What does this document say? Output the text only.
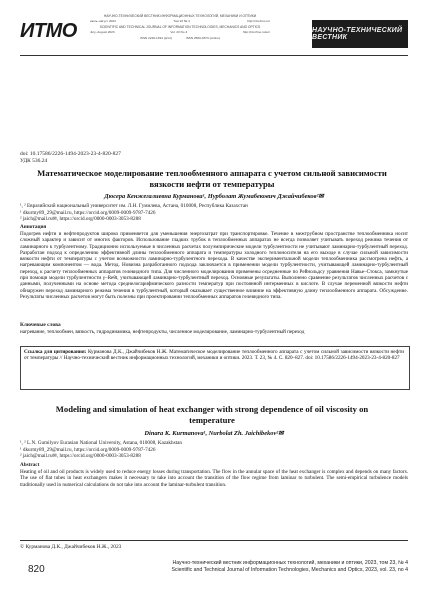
ИTMO
НАУЧНО-ТЕХНИЧЕСКИЙ ВЕСТНИК ИНФОРМАЦИОННЫХ ТЕХНОЛОГИЙ, МЕХАНИКИ И ОПТИКИ
июль–август 2023	Том 23 № 4	http://ntv.ifmo.ru/
SCIENTIFIC AND TECHNICAL JOURNAL OF INFORMATION TECHNOLOGIES, MECHANICS AND OPTICS
July–August 2023	Vol. 23 No 4	http://ntv.ifmo.ru/en/
ISSN 2226-1494 (print)	ISSN 2500-0373 (online)
НАУЧНО-ТЕХНИЧЕСКИЙ ВЕСТНИК
doi: 10.17586/2226-1494-2023-23-4-820-827
УДК 536.24
Математическое моделирование теплообменного аппарата с учетом сильной зависимости вязкости нефти от температуры
Дюсера Кенжегалиевна Курманова¹, Нурболат Жумабекович Джайчибеков²✉
¹, ² Евразийский национальный университет им. Л.Н. Гумилева, Астана, 010008, Республика Казахстан
¹ dkurmy89_29@mail.ru, https://orcid.org/0009-0009-9787-7426
² jaich@mail.ru✉, https://orcid.org/0000-0003-3053-8288
Аннотация
Подогрев нефти и нефтепродуктов широко применяется для уменьшения энергозатрат при транспортировке. Течение в межтрубном пространстве теплообменника носит сложный характер и зависит от многих факторов. Использование гладких трубок в теплообменных аппаратах не всегда позволяет учитывать переход режима течения от ламинарного к турбулентному. Традиционно используемые в численных расчетах полуэмпирические модели турбулентности не учитывают ламинарно-турбулентный переход. Разработан подход к определению эффективной длины теплообменного аппарата и температуры холодного теплоносителя на его выходе в случае сильной зависимости вязкости нефти от температуры с учетом возможности ламинарно-турбулентного перехода. В качестве экспериментальной модели теплообменника рассмотрена нефть, а нагревающим компонентом — вода. Метод. Новизна разработанного подхода заключается в применении модели турбулентности, учитывающей ламинарно-турбулентный переход, к расчету теплообменных аппаратов гелевидного типа. Для численного моделирования применены осредненные по Рейнольдсу уравнения Навье–Стокса, замкнутые при помощи модели турбулентности γ–Reθt, учитывающей ламинарно-турбулентный переход. Основные результаты. Выполнено сравнение результатов численных расчетов с данными, полученными на основе метода среднелогарифмического разности температур при постоянной интерменных в кислоте. В случае переменной вязкости нефти обнаружен переход ламинарного режима течения в турбулентный, который оказывает существенное влияние на эффективную длину теплообменного аппарата. Обсуждение. Результаты численных расчетов могут быть полезны при проектировании теплообменных аппаратов гелевидного типа.
Ключевые слова
нагревание, теплообмен, вязкость, гидродинамика, нефтепродукты, численное моделирование, ламинарно-турбулентный переход
Ссылка для цитирования: Курманова Д.К., Джайчибеков Н.Ж. Математическое моделирование теплообменного аппарата с учетом сильной зависимости вязкости нефти от температуры // Научно-технический вестник информационных технологий, механики и оптики. 2023. Т. 23, № 4. С. 820–827. doi: 10.17586/2226-1494-2023-23-4-820-827
Modeling and simulation of heat exchanger with strong dependence of oil viscosity on temperature
Dinara K. Kurmanova¹, Nurbolat Zh. Jaichibekov²✉
¹, ² L.N. Gumilyov Eurasian National University, Astana, 010008, Kazakhstan
¹ dkurmy89_29@mail.ru, https://orcid.org/0009-0009-9787-7426
² jaich@mail.ru✉, https://orcid.org/0000-0003-3053-8288
Abstract
Heating of oil and oil products is widely used to reduce energy losses during transportation. The flow in the annular space of the heat exchanger is complex and depends on many factors. The use of flat tubes in heat exchangers makes it necessary to take into account the transition of the flow regime from laminar to turbulent. The semi-empirical turbulence models traditionally used in numerical calculations do not take into account the laminar-turbulent transition.
© Курманова Д.К., Джайчибеков Н.Ж., 2023
820
Научно-технический вестник информационных технологий, механики и оптики, 2023, том 23, № 4
Scientific and Technical Journal of Information Technologies, Mechanics and Optics, 2023, vol. 23, no 4
